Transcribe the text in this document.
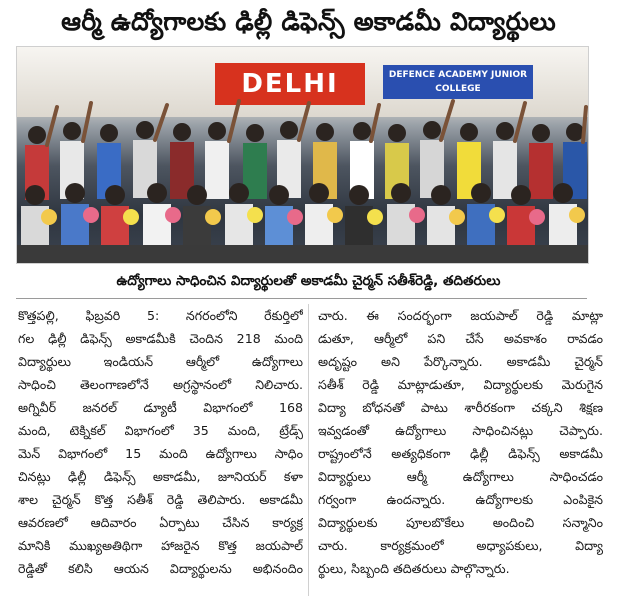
ఆర్మీ ఉద్యోగాలకు ఢిల్లీ డిఫెన్స్ అకాడమీ విద్యార్థులు
DELHI	DEFENCE ACADEMY JUNIOR COLLEGE
ఉద్యోగాలు సాధించిన విద్యార్థులతో అకాడమీ చైర్మన్ సతీశ్‌రెడ్డి, తదితరులు
కొత్తపల్లి, ఫిబ్రవరి 5: నగరంలోని రేకుర్తిలో
గల ఢిల్లీ డిఫెన్స్ అకాడమీకి చెందిన 218 మంది
విద్యార్థులు ఇండియన్ ఆర్మీలో ఉద్యోగాలు
సాధించి తెలంగాణలోనే అగ్రస్థానంలో నిలిచారు.
అగ్నివీర్ జనరల్ డ్యూటీ విభాగంలో 168
మంది, టెక్నికల్ విభాగంలో 35 మంది, ట్రేడ్స్
మెన్ విభాగంలో 15 మంది ఉద్యోగాలు సాధిం
చినట్లు ఢిల్లీ డిఫెన్స్ అకాడమీ, జూనియర్ కళా
శాల చైర్మన్ కొత్త సతీశ్ రెడ్డి తెలిపారు. అకాడమీ
ఆవరణలో ఆదివారం ఏర్పాటు చేసిన కార్యక్ర
మానికి ముఖ్యఅతిథిగా హాజరైన కొత్త జయపాల్
రెడ్డితో కలిసి ఆయన విద్యార్థులను అభినందిం
చారు. ఈ సందర్భంగా జయపాల్ రెడ్డి మాట్లా
డుతూ, ఆర్మీలో పని చేసే అవకాశం రావడం
అదృష్టం అని పేర్కొన్నారు. అకాడమీ చైర్మన్
సతీశ్ రెడ్డి మాట్లాడుతూ, విద్యార్థులకు మెరుగైన
విద్యా బోధనతో పాటు శారీరకంగా చక్కని శిక్షణ
ఇవ్వడంతో ఉద్యోగాలు సాధించినట్లు చెప్పారు.
రాష్ట్రంలోనే అత్యధికంగా ఢిల్లీ డిఫెన్స్ అకాడమీ
విద్యార్థులు ఆర్మీ ఉద్యోగాలు సాధించడం
గర్వంగా ఉందన్నారు. ఉద్యోగాలకు ఎంపికైన
విద్యార్థులకు పూలబొకేలు అందించి సన్మానిం
చారు. కార్యక్రమంలో అధ్యాపకులు, విద్యా
ర్థులు, సిబ్బంది తదితరులు పాల్గొన్నారు.
